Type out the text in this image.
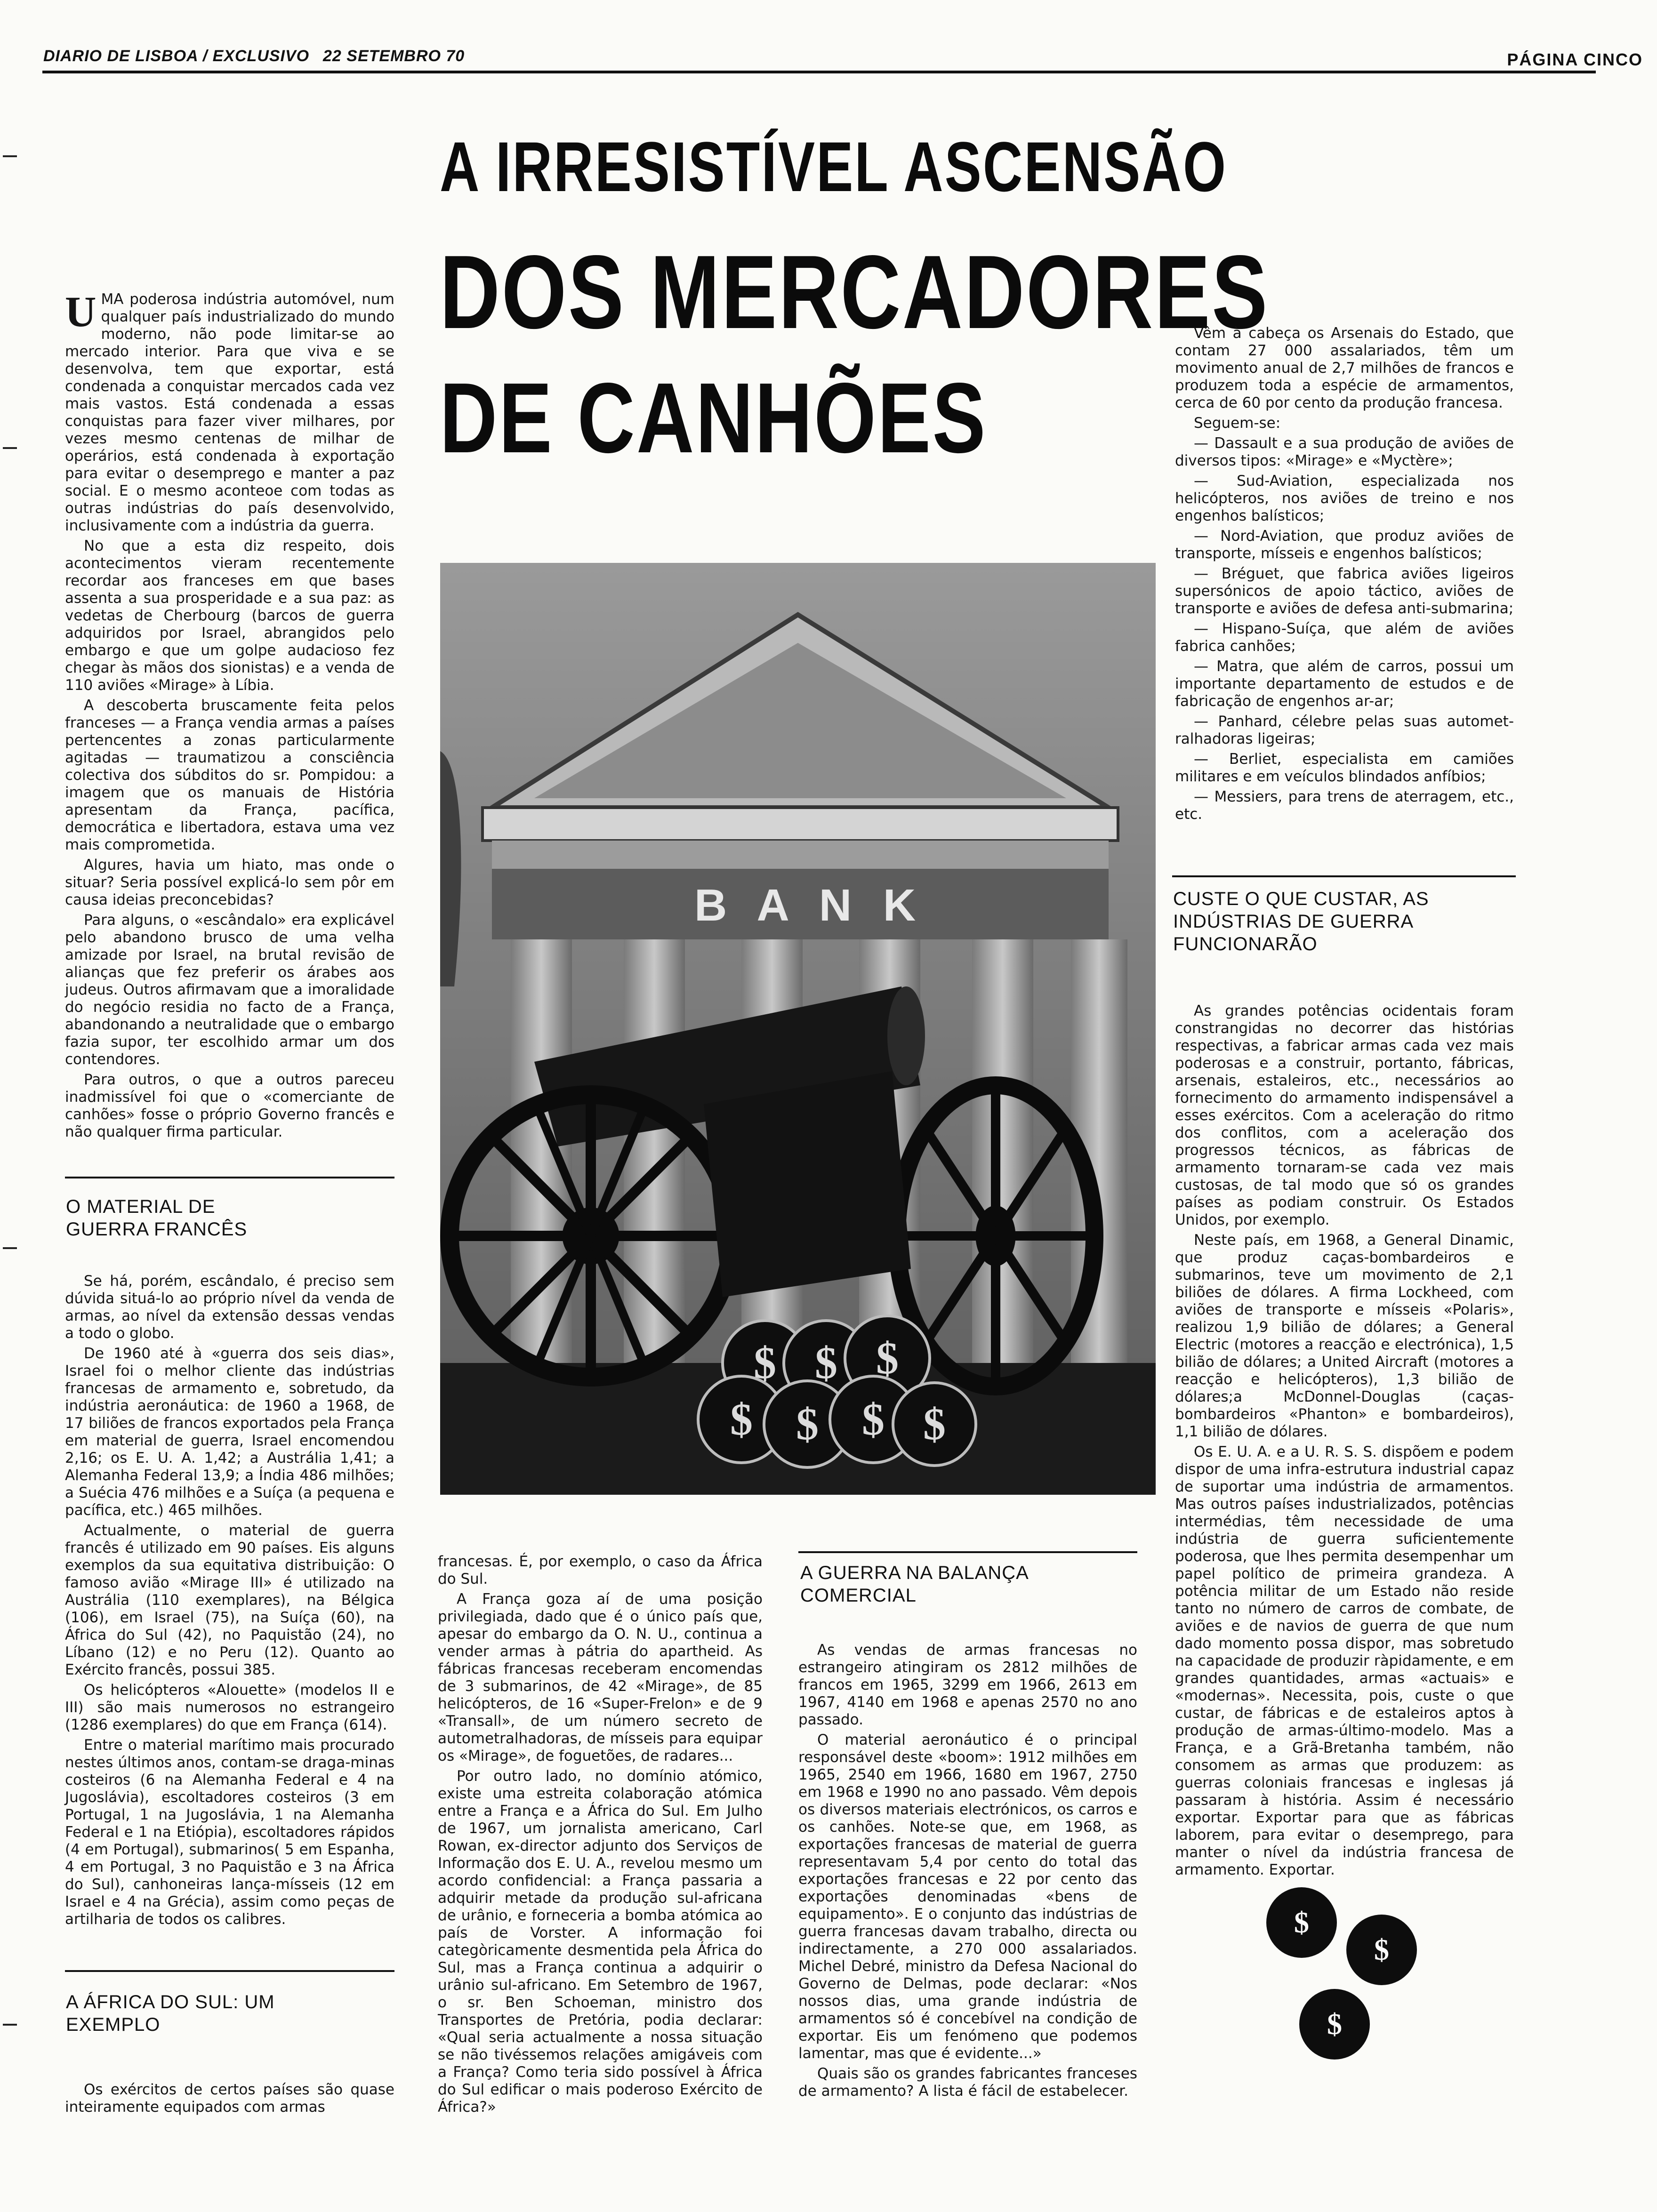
DIARIO DE LISBOA / EXCLUSIVO 22 SETEMBRO 70	PÁGINA CINCO
A IRRESISTÍVEL ASCENSÃO
DOS MERCADORES
DE CANHÕES

UMA poderosa indústria automóvel, num qualquer país industrializado do mundo moderno, não pode limitar-se ao mercado interior. Para que viva e se desenvolva, tem que exportar, está condenada a conquistar mercados cada vez mais vastos. Está condenada a essas conquistas para fazer viver milhares, por vezes mesmo centenas de milhar de operários, está condenada à exportação para evitar o desemprego e manter a paz social. E o mesmo aconteoe com todas as outras indústrias do país desenvolvido, inclusivamente com a indústria da guerra.

No que a esta diz respeito, dois acontecimentos vieram recentemente recordar aos franceses em que bases assenta a sua prosperidade e a sua paz: as vedetas de Cherbourg (barcos de guerra adquiridos por Israel, abrangidos pelo embargo e que um golpe audacioso fez chegar às mãos dos sionistas) e a venda de 110 aviões «Mirage» à Líbia.

A descoberta bruscamente feita pelos franceses — a França vendia armas a países pertencentes a zonas particularmente agitadas — traumatizou a consciência colectiva dos súbditos do sr. Pompidou: a imagem que os manuais de História apresentam da França, pacífica, democrática e libertadora, estava uma vez mais comprometida.

Algures, havia um hiato, mas onde o situar? Seria possível explicá-lo sem pôr em causa ideias preconcebidas?

Para alguns, o «escândalo» era explicável pelo abandono brusco de uma velha amizade por Israel, na brutal revisão de alianças que fez preferir os árabes aos judeus. Outros afirmavam que a imoralidade do negócio residia no facto de a França, abandonando a neutralidade que o embargo fazia supor, ter escolhido armar um dos contendores.

Para outros, o que a outros pareceu inadmissível foi que o «comerciante de canhões» fosse o próprio Governo francês e não qualquer firma particular.

O MATERIAL DE GUERRA FRANCÊS

Se há, porém, escândalo, é preciso sem dúvida situá-lo ao próprio nível da venda de armas, ao nível da extensão dessas vendas a todo o globo.

De 1960 até à «guerra dos seis dias», Israel foi o melhor cliente das indústrias francesas de armamento e, sobretudo, da indústria aeronáutica: de 1960 a 1968, de 17 biliões de francos exportados pela França em material de guerra, Israel encomendou 2,16; os E. U. A. 1,42; a Austrália 1,41; a Alemanha Federal 13,9; a Índia 486 milhões; a Suécia 476 milhões e a Suíça (a pequena e pacífica, etc.) 465 milhões.

Actualmente, o material de guerra francês é utilizado em 90 países. Eis alguns exemplos da sua equitativa distribuição: O famoso avião «Mirage III» é utilizado na Austrália (110 exemplares), na Bélgica (106), em Israel (75), na Suíça (60), na África do Sul (42), no Paquistão (24), no Líbano (12) e no Peru (12). Quanto ao Exército francês, possui 385.

Os helicópteros «Alouette» (modelos II e III) são mais numerosos no estrangeiro (1286 exemplares) do que em França (614).

Entre o material marítimo mais procurado nestes últimos anos, contam-se draga-minas costeiros (6 na Alemanha Federal e 4 na Jugoslávia), escoltadores costeiros (3 em Portugal, 1 na Jugoslávia, 1 na Alemanha Federal e 1 na Etiópia), escoltadores rápidos (4 em Portugal), submarinos( 5 em Espanha, 4 em Portugal, 3 no Paquistão e 3 na África do Sul), canhoneiras lança-mísseis (12 em Israel e 4 na Grécia), assim como peças de artilharia de todos os calibres.

A ÁFRICA DO SUL: UM EXEMPLO

Os exércitos de certos países são quase inteiramente equipados com armas

B A N K
$ $ $
$ $ $ $

francesas. É, por exemplo, o caso da África do Sul.

A França goza aí de uma posição privilegiada, dado que é o único país que, apesar do embargo da O. N. U., continua a vender armas à pátria do apartheid. As fábricas francesas receberam encomendas de 3 submarinos, de 42 «Mirage», de 85 helicópteros, de 16 «Super-Frelon» e de 9 «Transall», de um número secreto de autometralhadoras, de mísseis para equipar os «Mirage», de foguetões, de radares...

Por outro lado, no domínio atómico, existe uma estreita colaboração atómica entre a França e a África do Sul. Em Julho de 1967, um jornalista americano, Carl Rowan, ex-director adjunto dos Serviços de Informação dos E. U. A., revelou mesmo um acordo confidencial: a França passaria a adquirir metade da produção sul-africana de urânio, e forneceria a bomba atómica ao país de Vorster. A informação foi categòricamente desmentida pela África do Sul, mas a França continua a adquirir o urânio sul-africano. Em Setembro de 1967, o sr. Ben Schoeman, ministro dos Transportes de Pretória, podia declarar: «Qual seria actualmente a nossa situação se não tivéssemos relações amigáveis com a França? Como teria sido possível à África do Sul edificar o mais poderoso Exército de África?»

A GUERRA NA BALANÇA COMERCIAL

As vendas de armas francesas no estrangeiro atingiram os 2812 milhões de francos em 1965, 3299 em 1966, 2613 em 1967, 4140 em 1968 e apenas 2570 no ano passado.

O material aeronáutico é o principal responsável deste «boom»: 1912 milhões em 1965, 2540 em 1966, 1680 em 1967, 2750 em 1968 e 1990 no ano passado. Vêm depois os diversos materiais electrónicos, os carros e os canhões. Note-se que, em 1968, as exportações francesas de material de guerra representavam 5,4 por cento do total das exportações francesas e 22 por cento das exportações denominadas «bens de equipamento». E o conjunto das indústrias de guerra francesas davam trabalho, directa ou indirectamente, a 270 000 assalariados. Michel Debré, ministro da Defesa Nacional do Governo de Delmas, pode declarar: «Nos nossos dias, uma grande indústria de armamentos só é concebível na condição de exportar. Eis um fenómeno que podemos lamentar, mas que é evidente...»

Quais são os grandes fabricantes franceses de armamento? A lista é fácil de estabelecer.

Vêm à cabeça os Arsenais do Estado, que contam 27 000 assalariados, têm um movimento anual de 2,7 milhões de francos e produzem toda a espécie de armamentos, cerca de 60 por cento da produção francesa.

Seguem-se:

— Dassault e a sua produção de aviões de diversos tipos: «Mirage» e «Myctère»;

— Sud-Aviation, especializada nos helicópteros, nos aviões de treino e nos engenhos balísticos;

— Nord-Aviation, que produz aviões de transporte, mísseis e engenhos balísticos;

— Bréguet, que fabrica aviões ligeiros supersónicos de apoio táctico, aviões de transporte e aviões de defesa anti-submarina;

— Hispano-Suíça, que além de aviões fabrica canhões;

— Matra, que além de carros, possui um importante departamento de estudos e de fabricação de engenhos ar-ar;

— Panhard, célebre pelas suas autometralhadoras ligeiras;

— Berliet, especialista em camiões militares e em veículos blindados anfíbios;

— Messiers, para trens de aterragem, etc., etc.

CUSTE O QUE CUSTAR, AS INDÚSTRIAS DE GUERRA FUNCIONARÃO

As grandes potências ocidentais foram constrangidas no decorrer das histórias respectivas, a fabricar armas cada vez mais poderosas e a construir, portanto, fábricas, arsenais, estaleiros, etc., necessários ao fornecimento do armamento indispensável a esses exércitos. Com a aceleração do ritmo dos conflitos, com a aceleração dos progressos técnicos, as fábricas de armamento tornaram-se cada vez mais custosas, de tal modo que só os grandes países as podiam construir. Os Estados Unidos, por exemplo.

Neste país, em 1968, a General Dinamic, que produz caças-bombardeiros e submarinos, teve um movimento de 2,1 biliões de dólares. A firma Lockheed, com aviões de transporte e mísseis «Polaris», realizou 1,9 bilião de dólares; a General Electric (motores a reacção e electrónica), 1,5 bilião de dólares; a United Aircraft (motores a reacção e helicópteros), 1,3 bilião de dólares;a McDonnel-Douglas (caças-bombardeiros «Phanton» e bombardeiros), 1,1 bilião de dólares.

Os E. U. A. e a U. R. S. S. dispõem e podem dispor de uma infra-estrutura industrial capaz de suportar uma indústria de armamentos. Mas outros países industrializados, potências intermédias, têm necessidade de uma indústria de guerra suficientemente poderosa, que lhes permita desempenhar um papel político de primeira grandeza. A potência militar de um Estado não reside tanto no número de carros de combate, de aviões e de navios de guerra de que num dado momento possa dispor, mas sobretudo na capacidade de produzir ràpidamente, e em grandes quantidades, armas «actuais» e «modernas». Necessita, pois, custe o que custar, de fábricas e de estaleiros aptos à produção de armas-último-modelo. Mas a França, e a Grã-Bretanha também, não consomem as armas que produzem: as guerras coloniais francesas e inglesas já passaram à história. Assim é necessário exportar. Exportar para que as fábricas laborem, para evitar o desemprego, para manter o nível da indústria francesa de armamento. Exportar.

$
$
$
